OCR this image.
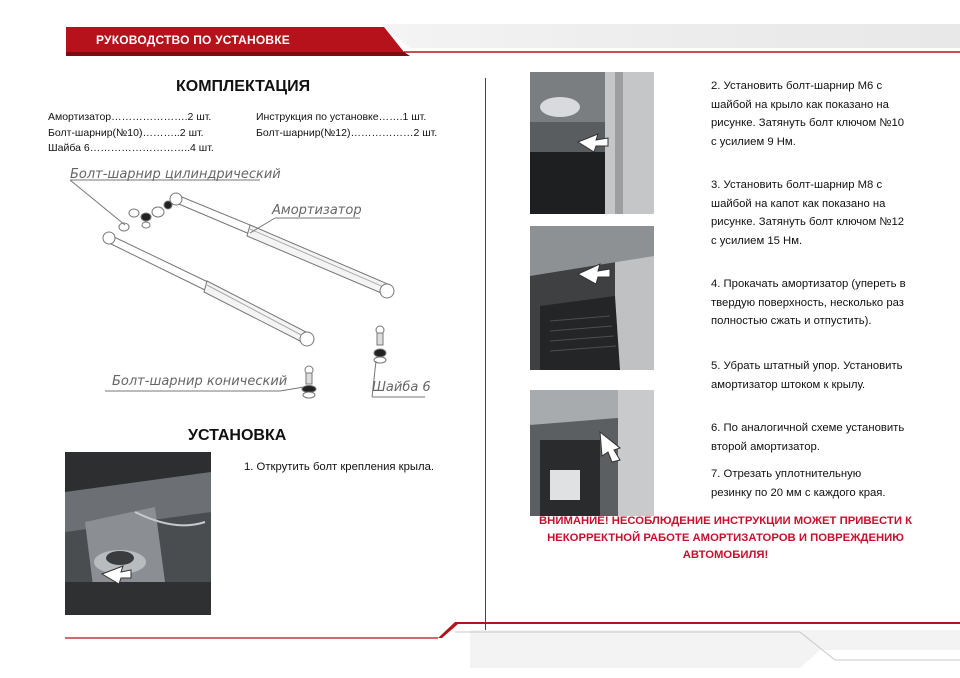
РУКОВОДСТВО ПО УСТАНОВКЕ
КОМПЛЕКТАЦИЯ
Амортизатор………………….2 шт.
Болт-шарнир(№10)………..2 шт.
Шайба 6………………………..4 шт.
Инструкция по установке…….1 шт.
Болт-шарнир(№12)………………2 шт.
Болт-шарнир цилиндрический
Амортизатор
Болт-шарнир конический	Шайба 6
УСТАНОВКА
1. Открутить болт крепления крыла.
2. Установить болт-шарнир М6 с шайбой на крыло как показано на рисунке. Затянуть болт ключом №10 с усилием 9 Нм.
3. Установить болт-шарнир М8 с шайбой на капот как показано на рисунке. Затянуть болт ключом №12 с усилием 15 Нм.
4. Прокачать амортизатор (упереть в твердую поверхность, несколько раз полностью сжать и отпустить).
5. Убрать штатный упор. Установить амортизатор штоком к крылу.
6. По аналогичной схеме установить второй амортизатор.
7. Отрезать уплотнительную резинку по 20 мм с каждого края.
ВНИМАНИЕ! НЕСОБЛЮДЕНИЕ ИНСТРУКЦИИ МОЖЕТ ПРИВЕСТИ К НЕКОРРЕКТНОЙ РАБОТЕ АМОРТИЗАТОРОВ И ПОВРЕЖДЕНИЮ АВТОМОБИЛЯ!
